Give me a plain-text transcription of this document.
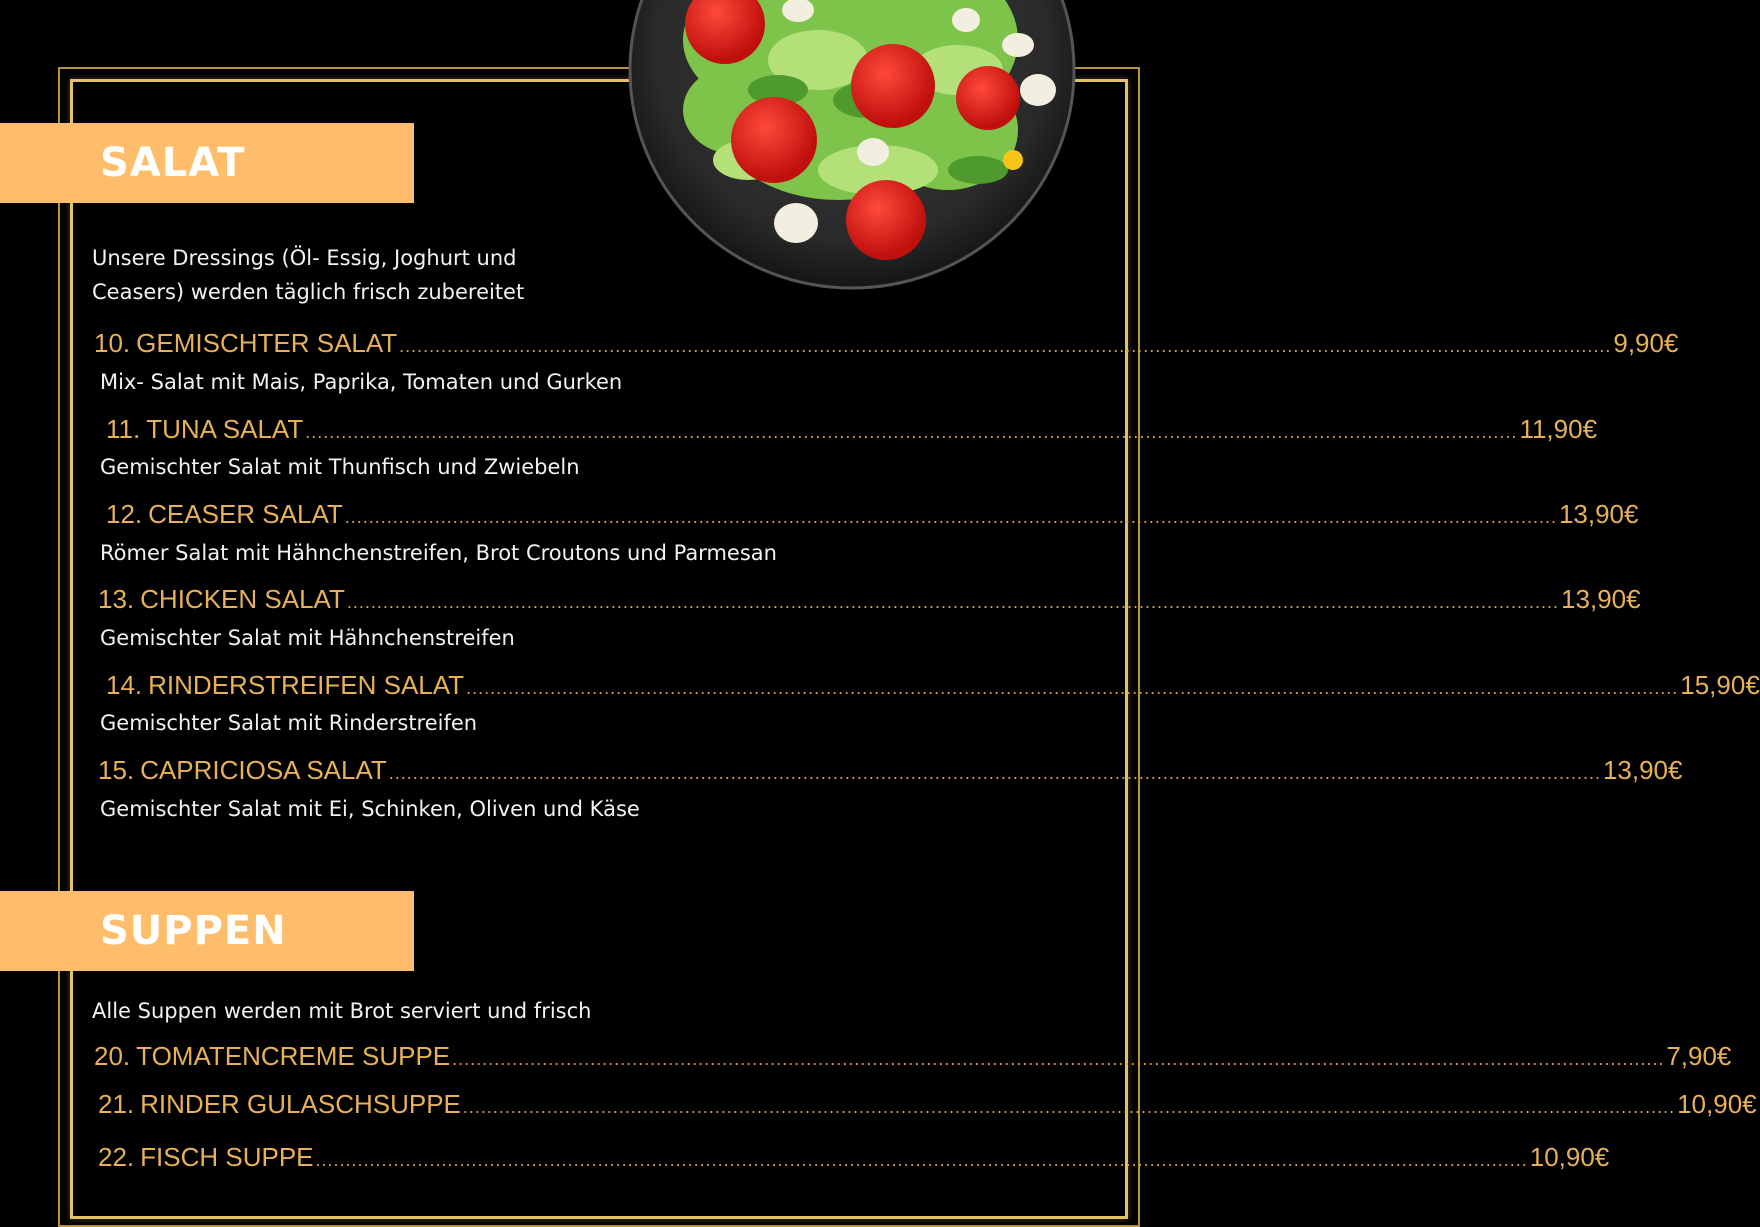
SALAT
Unsere Dressings (Öl- Essig, Joghurt und
Ceasers) werden täglich frisch zubereitet
10. GEMISCHTER SALAT .......................................................................................................................................................................................................... 9,90€
Mix- Salat mit Mais, Paprika, Tomaten und Gurken
11. TUNA SALAT .......................................................................................................................................................................................................... 11,90€
Gemischter Salat mit Thunfisch und Zwiebeln
12. CEASER SALAT .......................................................................................................................................................................................................... 13,90€
Römer Salat mit Hähnchenstreifen, Brot Croutons und Parmesan
13. CHICKEN SALAT .......................................................................................................................................................................................................... 13,90€
Gemischter Salat mit Hähnchenstreifen
14. RINDERSTREIFEN SALAT .......................................................................................................................................................................................................... 15,90€
Gemischter Salat mit Rinderstreifen
15. CAPRICIOSA SALAT .......................................................................................................................................................................................................... 13,90€
Gemischter Salat mit Ei, Schinken, Oliven und Käse
SUPPEN
Alle Suppen werden mit Brot serviert und frisch
20. TOMATENCREME SUPPE .......................................................................................................................................................................................................... 7,90€
21. RINDER GULASCHSUPPE .......................................................................................................................................................................................................... 10,90€
22. FISCH SUPPE .......................................................................................................................................................................................................... 10,90€
